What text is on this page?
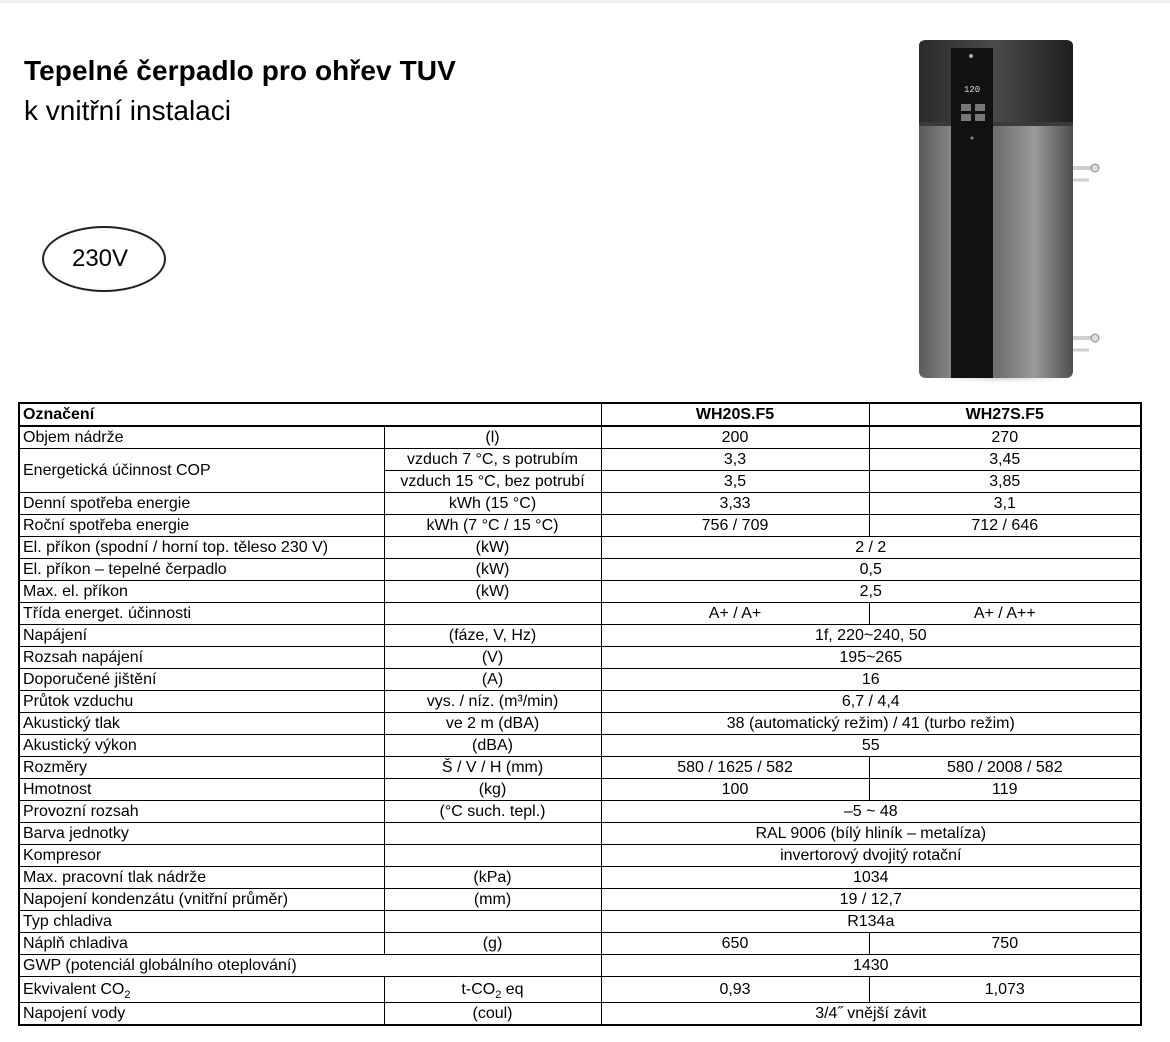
Tepelné čerpadlo pro ohřev TUV
k vnitřní instalaci
230V
120
Označení		WH20S.F5	WH27S.F5
Objem nádrže	(l)	200	270
Energetická účinnost COP	vzduch 7 °C, s potrubím	3,3	3,45
	vzduch 15 °C, bez potrubí	3,5	3,85
Denní spotřeba energie	kWh (15 °C)	3,33	3,1
Roční spotřeba energie	kWh (7 °C / 15 °C)	756 / 709	712 / 646
El. příkon (spodní / horní top. těleso 230 V)	(kW)	2 / 2	
El. příkon – tepelné čerpadlo	(kW)	0,5	
Max. el. příkon	(kW)	2,5	
Třída energet. účinnosti		A+ / A+	A+ / A++
Napájení	(fáze, V, Hz)	1f, 220~240, 50	
Rozsah napájení	(V)	195~265	
Doporučené jištění	(A)	16	
Průtok vzduchu	vys. / níz. (m³/min)	6,7 / 4,4	
Akustický tlak	ve 2 m (dBA)	38 (automatický režim) / 41 (turbo režim)	
Akustický výkon	(dBA)	55	
Rozměry	Š / V / H (mm)	580 / 1625 / 582	580 / 2008 / 582
Hmotnost	(kg)	100	119
Provozní rozsah	(°C such. tepl.)	–5 ~ 48	
Barva jednotky		RAL 9006 (bílý hliník – metalíza)	
Kompresor		invertorový dvojitý rotační	
Max. pracovní tlak nádrže	(kPa)	1034	
Napojení kondenzátu (vnitřní průměr)	(mm)	19 / 12,7	
Typ chladiva		R134a	
Náplň chladiva	(g)	650	750
GWP (potenciál globálního oteplování)		1430	
Ekvivalent $CO_2$	$t-CO_2$ eq	0,93	1,073
Napojení vody	(coul)	3/4˝ vnější závit	
